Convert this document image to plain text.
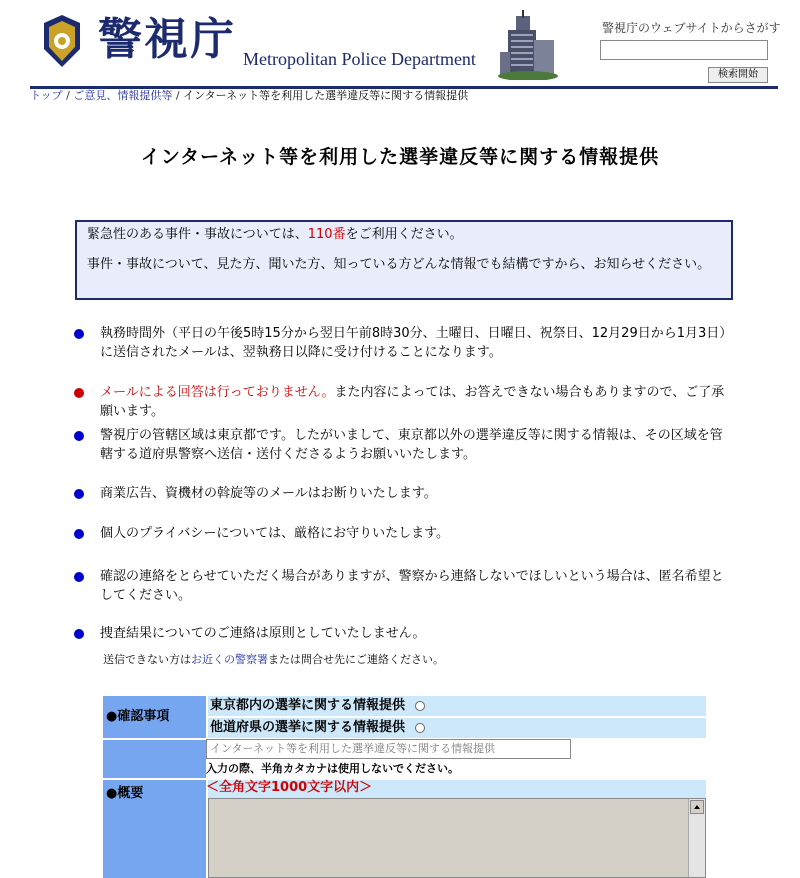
警視庁 Metropolitan Police Department
警視庁のウェブサイトからさがす
検索開始
トップ / ご意見、情報提供等 / インターネット等を利用した選挙違反等に関する情報提供
インターネット等を利用した選挙違反等に関する情報提供

緊急性のある事件・事故については、110番をご利用ください。

事件・事故について、見た方、聞いた方、知っている方どんな情報でも結構ですから、お知らせください。

執務時間外（平日の午後5時15分から翌日午前8時30分、土曜日、日曜日、祝祭日、12月29日から1月3日）に送信されたメールは、翌執務日以降に受け付けることになります。
メールによる回答は行っておりません。また内容によっては、お答えできない場合もありますので、ご了承願います。
警視庁の管轄区域は東京都です。したがいまして、東京都以外の選挙違反等に関する情報は、その区域を管轄する道府県警察へ送信・送付くださるようお願いいたします。
商業広告、資機材の斡旋等のメールはお断りいたします。
個人のプライバシーについては、厳格にお守りいたします。
確認の連絡をとらせていただく場合がありますが、警察から連絡しないでほしいという場合は、匿名希望としてください。
捜査結果についてのご連絡は原則としていたしません。
送信できない方はお近くの警察署または問合せ先にご連絡ください。
●確認事項
東京都内の選挙に関する情報提供
他道府県の選挙に関する情報提供
●概要
インターネット等を利用した選挙違反等に関する情報提供
入力の際、半角カタカナは使用しないでください。
＜全角文字1000文字以内＞
